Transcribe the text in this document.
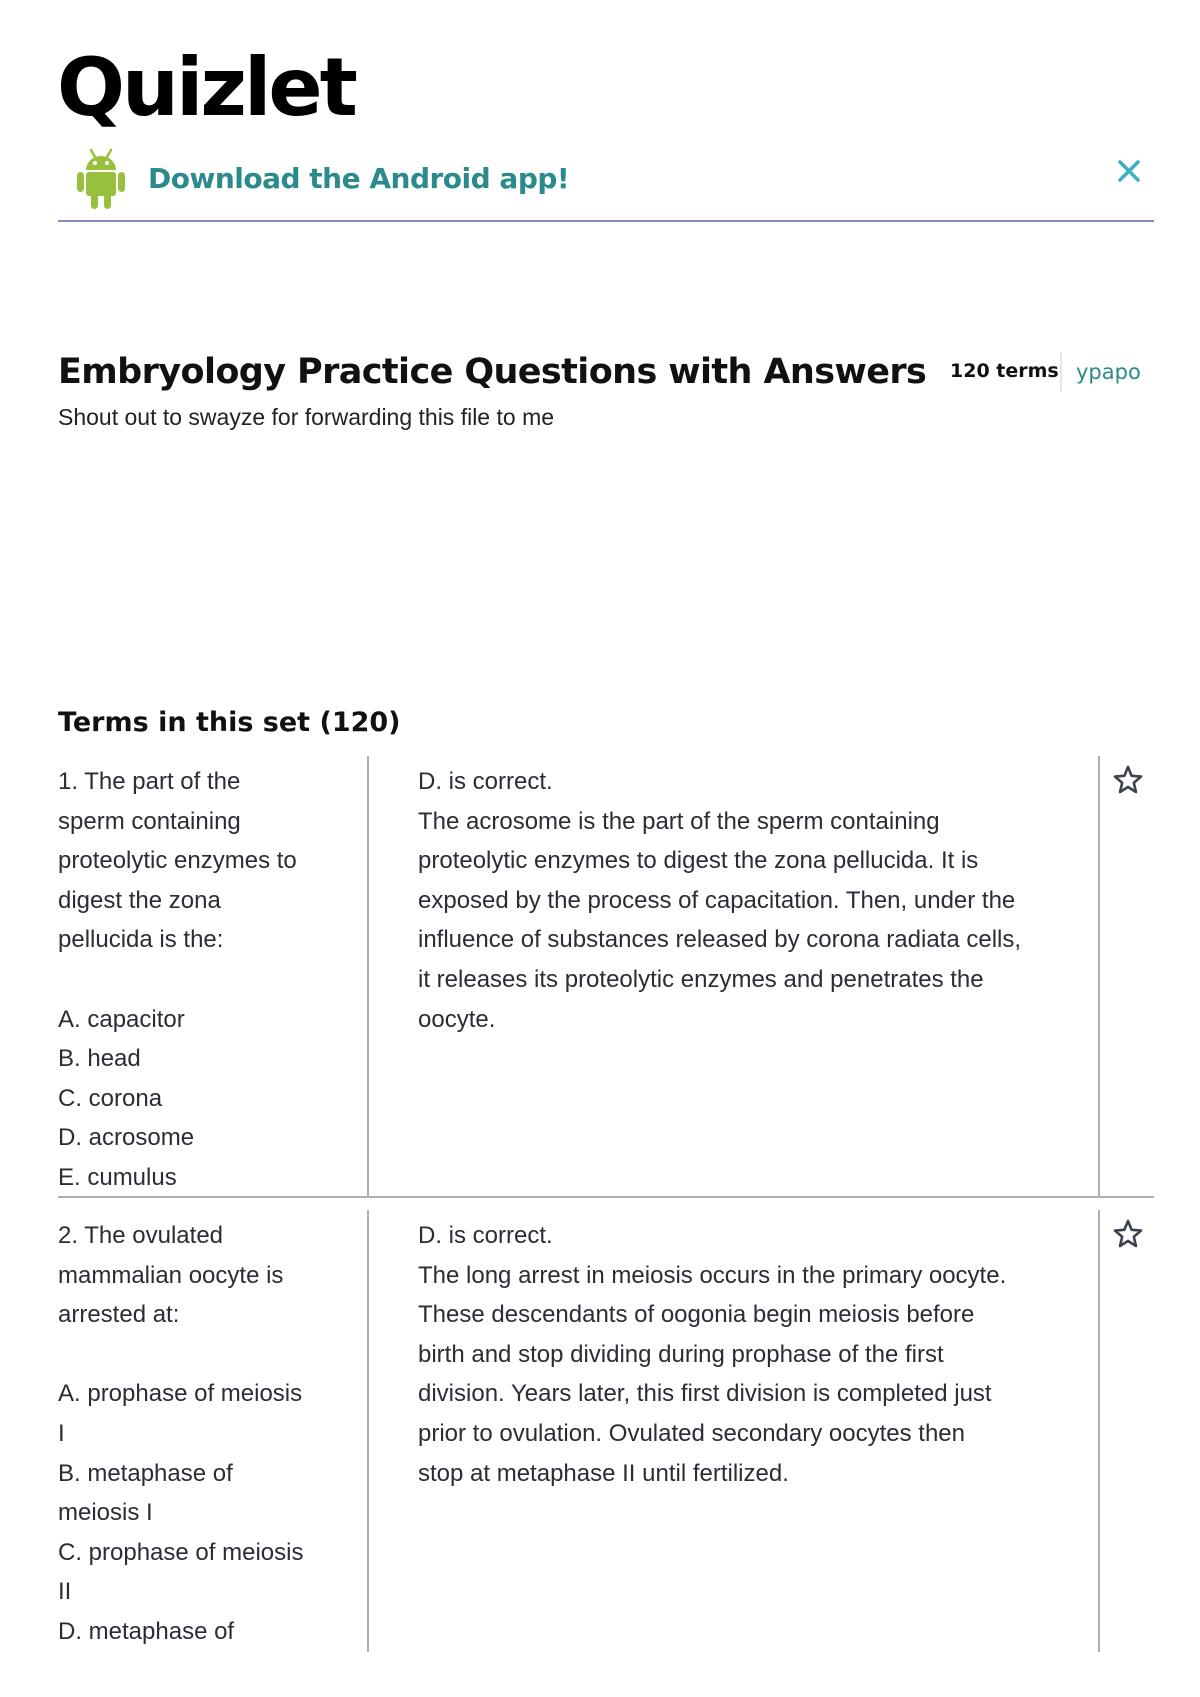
Quizlet
Download the Android app!
Embryology Practice Questions with Answers 120 terms ypapo
Shout out to swayze for forwarding this file to me
Terms in this set (120)
1. The part of the
sperm containing
proteolytic enzymes to
digest the zona
pellucida is the:

A. capacitor
B. head
C. corona
D. acrosome
E. cumulus
D. is correct.
The acrosome is the part of the sperm containing
proteolytic enzymes to digest the zona pellucida. It is
exposed by the process of capacitation. Then, under the
influence of substances released by corona radiata cells,
it releases its proteolytic enzymes and penetrates the
oocyte.
2. The ovulated
mammalian oocyte is
arrested at:

A. prophase of meiosis
I
B. metaphase of
meiosis I
C. prophase of meiosis
II
D. metaphase of
D. is correct.
The long arrest in meiosis occurs in the primary oocyte.
These descendants of oogonia begin meiosis before
birth and stop dividing during prophase of the first
division. Years later, this first division is completed just
prior to ovulation. Ovulated secondary oocytes then
stop at metaphase II until fertilized.
